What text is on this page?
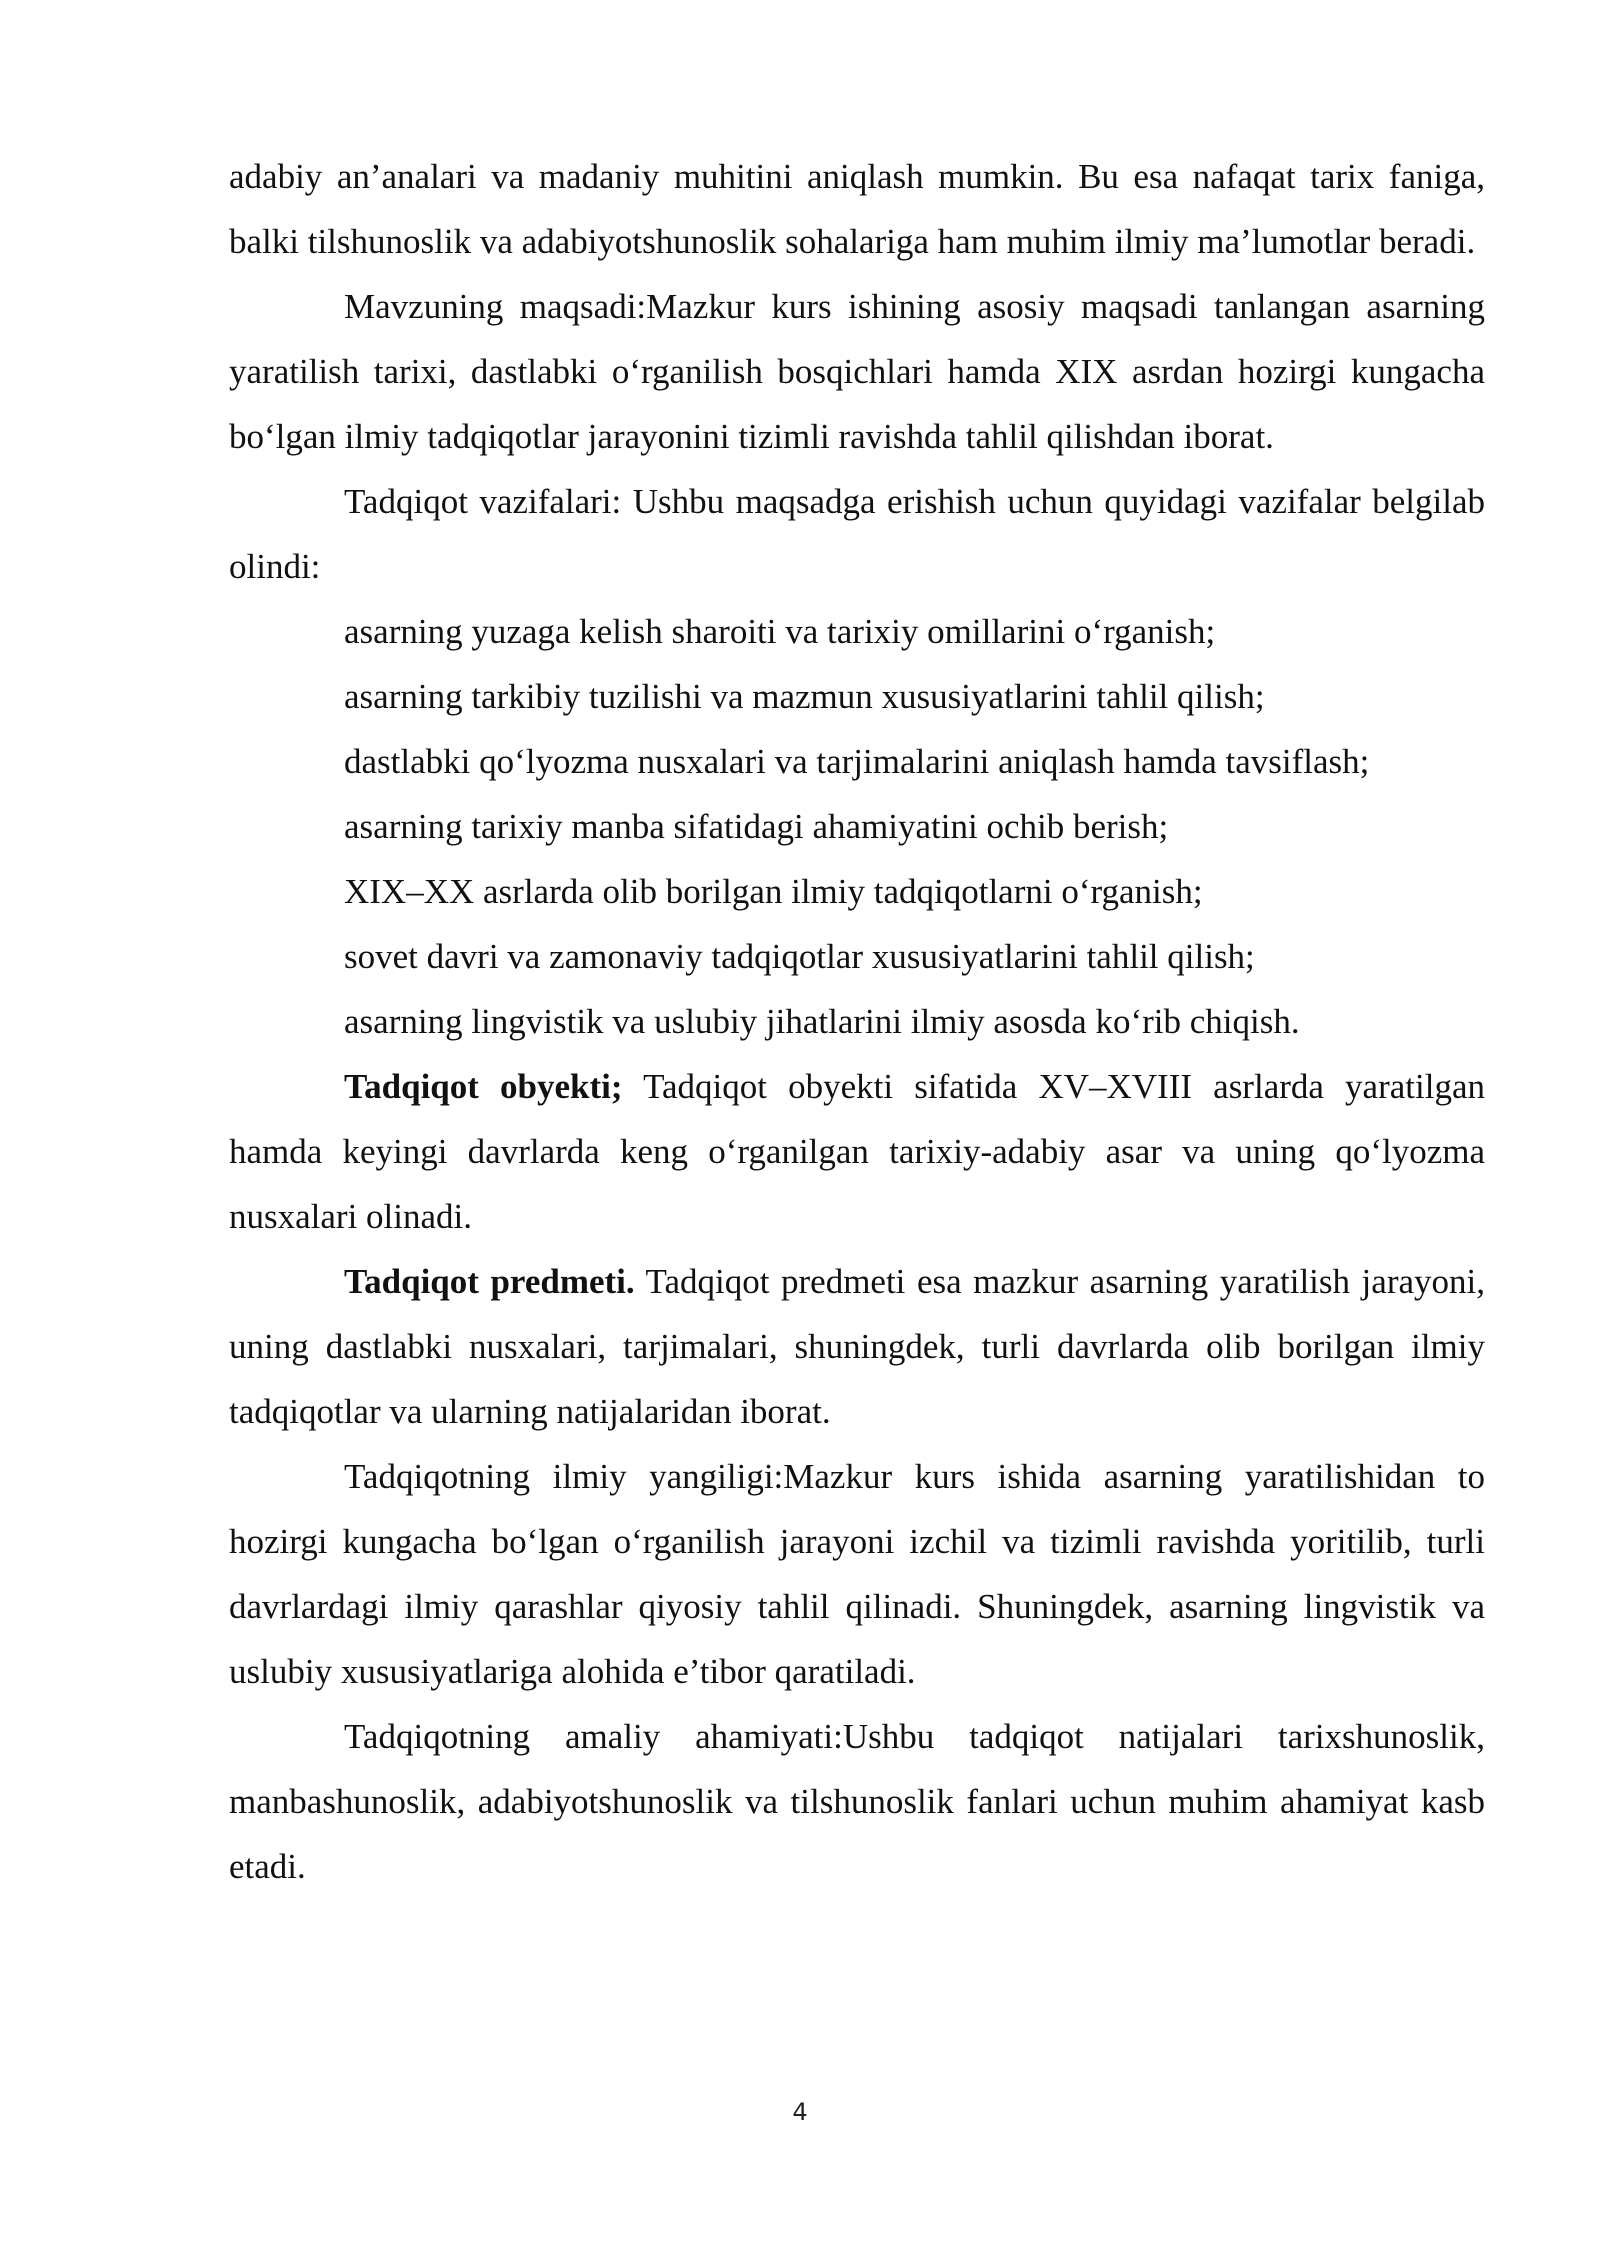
adabiy an’analari va madaniy muhitini aniqlash mumkin. Bu esa nafaqat tarix faniga, balki tilshunoslik va adabiyotshunoslik sohalariga ham muhim ilmiy ma’lumotlar beradi.

Mavzuning maqsadi:Mazkur kurs ishining asosiy maqsadi tanlangan asarning yaratilish tarixi, dastlabki o‘rganilish bosqichlari hamda XIX asrdan hozirgi kungacha bo‘lgan ilmiy tadqiqotlar jarayonini tizimli ravishda tahlil qilishdan iborat.

Tadqiqot vazifalari: Ushbu maqsadga erishish uchun quyidagi vazifalar belgilab olindi:

asarning yuzaga kelish sharoiti va tarixiy omillarini o‘rganish;

asarning tarkibiy tuzilishi va mazmun xususiyatlarini tahlil qilish;

dastlabki qo‘lyozma nusxalari va tarjimalarini aniqlash hamda tavsiflash;

asarning tarixiy manba sifatidagi ahamiyatini ochib berish;

XIX–XX asrlarda olib borilgan ilmiy tadqiqotlarni o‘rganish;

sovet davri va zamonaviy tadqiqotlar xususiyatlarini tahlil qilish;

asarning lingvistik va uslubiy jihatlarini ilmiy asosda ko‘rib chiqish.

Tadqiqot obyekti; Tadqiqot obyekti sifatida XV–XVIII asrlarda yaratilgan hamda keyingi davrlarda keng o‘rganilgan tarixiy-adabiy asar va uning qo‘lyozma nusxalari olinadi.

Tadqiqot predmeti. Tadqiqot predmeti esa mazkur asarning yaratilish jarayoni, uning dastlabki nusxalari, tarjimalari, shuningdek, turli davrlarda olib borilgan ilmiy tadqiqotlar va ularning natijalaridan iborat.

Tadqiqotning ilmiy yangiligi:Mazkur kurs ishida asarning yaratilishidan to hozirgi kungacha bo‘lgan o‘rganilish jarayoni izchil va tizimli ravishda yoritilib, turli davrlardagi ilmiy qarashlar qiyosiy tahlil qilinadi. Shuningdek, asarning lingvistik va uslubiy xususiyatlariga alohida e’tibor qaratiladi.

Tadqiqotning amaliy ahamiyati:Ushbu tadqiqot natijalari tarixshunoslik, manbashunoslik, adabiyotshunoslik va tilshunoslik fanlari uchun muhim ahamiyat kasb etadi.

4
